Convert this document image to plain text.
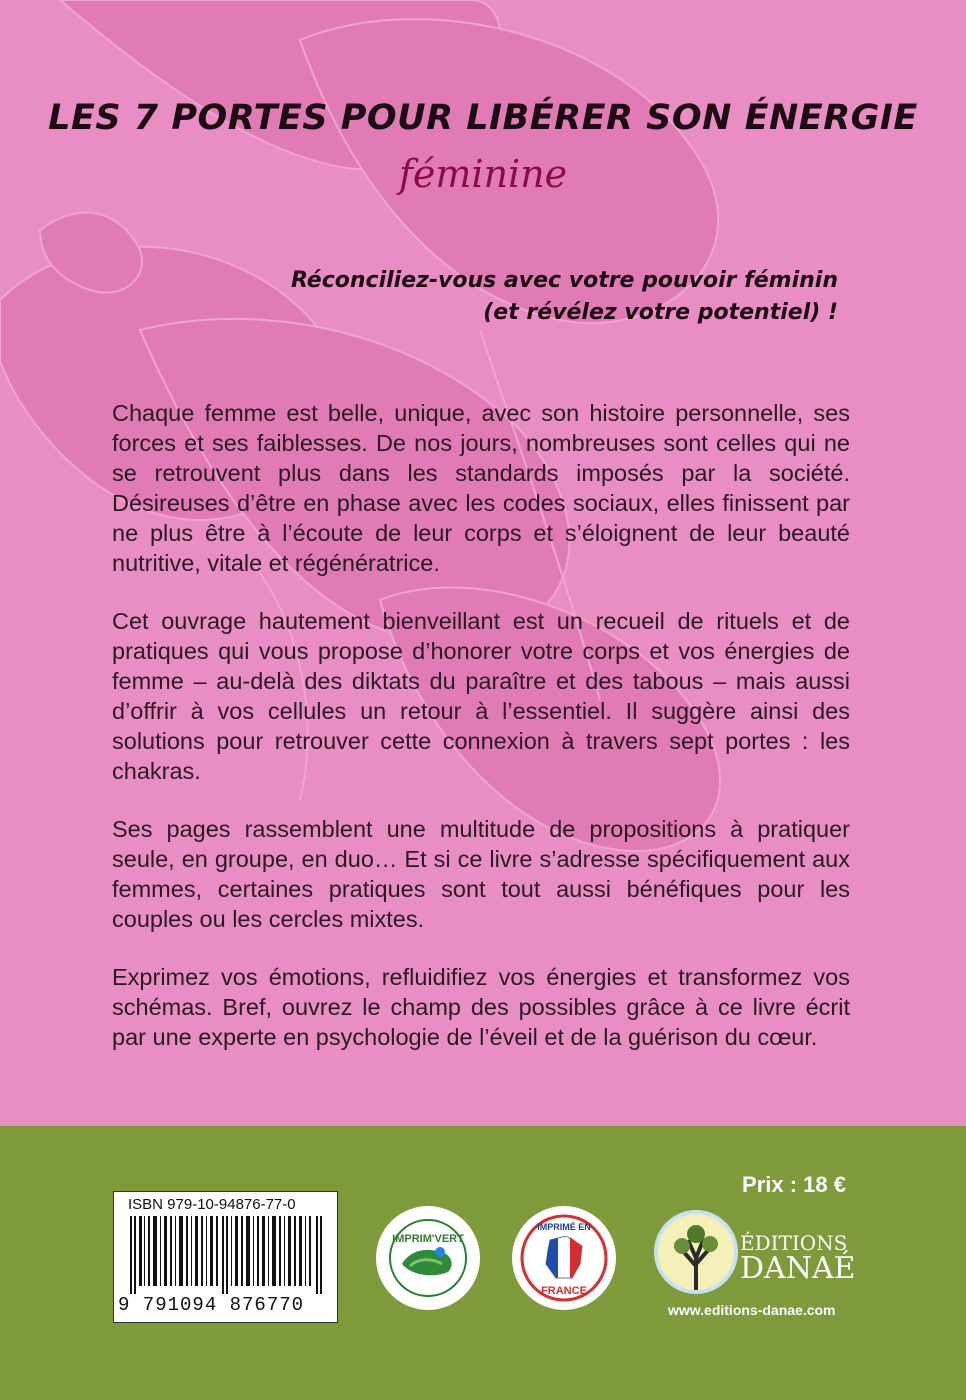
LES 7 PORTES POUR LIBÉRER SON ÉNERGIE
féminine
Réconciliez-vous avec votre pouvoir féminin
(et révélez votre potentiel) !

Chaque femme est belle, unique, avec son histoire personnelle, ses forces et ses faiblesses. De nos jours, nombreuses sont celles qui ne se retrouvent plus dans les standards imposés par la société. Désireuses d’être en phase avec les codes sociaux, elles finissent par ne plus être à l’écoute de leur corps et s’éloignent de leur beauté nutritive, vitale et régénératrice.

Cet ouvrage hautement bienveillant est un recueil de rituels et de pratiques qui vous propose d’honorer votre corps et vos énergies de femme – au-delà des diktats du paraître et des tabous – mais aussi d’offrir à vos cellules un retour à l’essentiel. Il suggère ainsi des solutions pour retrouver cette connexion à travers sept portes : les chakras.

Ses pages rassemblent une multitude de propositions à pratiquer seule, en groupe, en duo… Et si ce livre s’adresse spécifiquement aux femmes, certaines pratiques sont tout aussi bénéfiques pour les couples ou les cercles mixtes.

Exprimez vos émotions, refluidifiez vos énergies et transformez vos schémas. Bref, ouvrez le champ des possibles grâce à ce livre écrit par une experte en psychologie de l’éveil et de la guérison du cœur.

Prix : 18 €
ISBN 979-10-94876-77-0
9 791094 876770
IMPRIM'VERT
IMPRIMÉ EN
FRANCE
ÉDITIONS
DANAÉ
www.editions-danae.com
